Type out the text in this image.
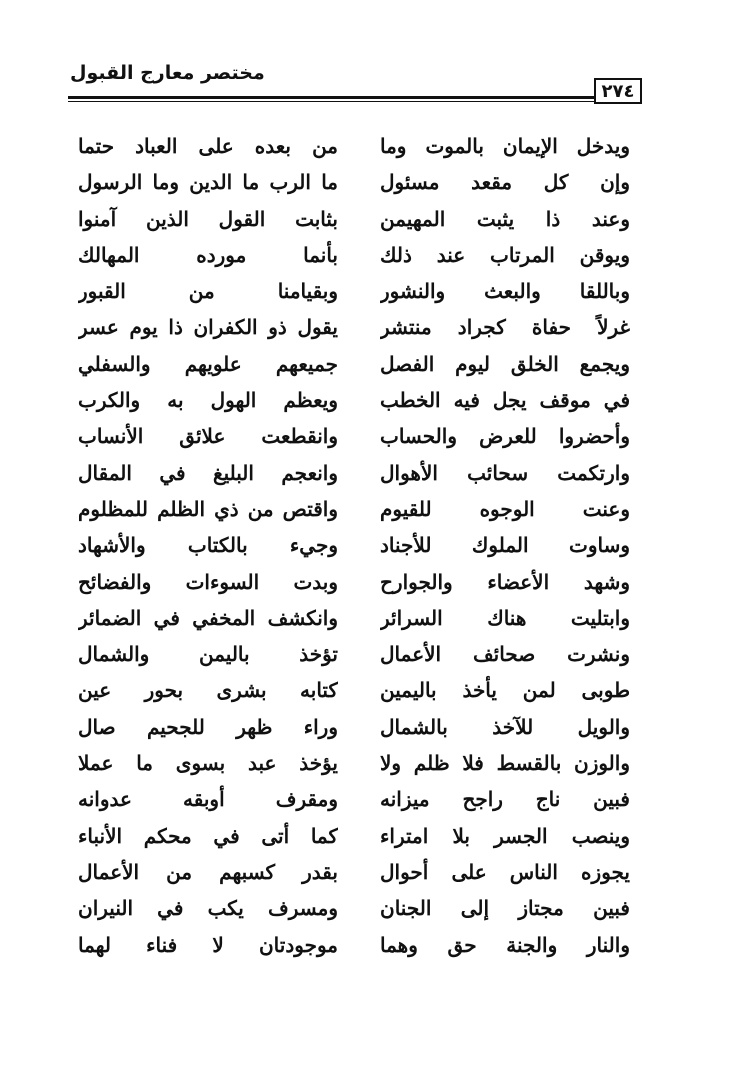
مختصر معارج القبول
٢٧٤
ويدخل الإيمان بالموت وما
وإن كل مقعد مسئول
وعند ذا يثبت المهيمن
ويوقن المرتاب عند ذلك
وباللقا والبعث والنشور
غرلاً حفاة كجراد منتشر
ويجمع الخلق ليوم الفصل
في موقف يجل فيه الخطب
وأحضروا للعرض والحساب
وارتكمت سحائب الأهوال
وعنت الوجوه للقيوم
وساوت الملوك للأجناد
وشهد الأعضاء والجوارح
وابتليت هناك السرائر
ونشرت صحائف الأعمال
طوبى لمن يأخذ باليمين
والويل للآخذ بالشمال
والوزن بالقسط فلا ظلم ولا
فبين ناج راجح ميزانه
وينصب الجسر بلا امتراء
يجوزه الناس على أحوال
فبين مجتاز إلى الجنان
والنار والجنة حق وهما
من بعده على العباد حتما
ما الرب ما الدين وما الرسول
بثابت القول الذين آمنوا
بأنما مورده المهالك
وبقيامنا من القبور
يقول ذو الكفران ذا يوم عسر
جميعهم علويهم والسفلي
ويعظم الهول به والكرب
وانقطعت علائق الأنساب
وانعجم البليغ في المقال
واقتص من ذي الظلم للمظلوم
وجيء بالكتاب والأشهاد
وبدت السوءات والفضائح
وانكشف المخفي في الضمائر
تؤخذ باليمن والشمال
كتابه بشرى بحور عين
وراء ظهر للجحيم صال
يؤخذ عبد بسوى ما عملا
ومقرف أوبقه عدوانه
كما أتى في محكم الأنباء
بقدر كسبهم من الأعمال
ومسرف يكب في النيران
موجودتان لا فناء لهما
